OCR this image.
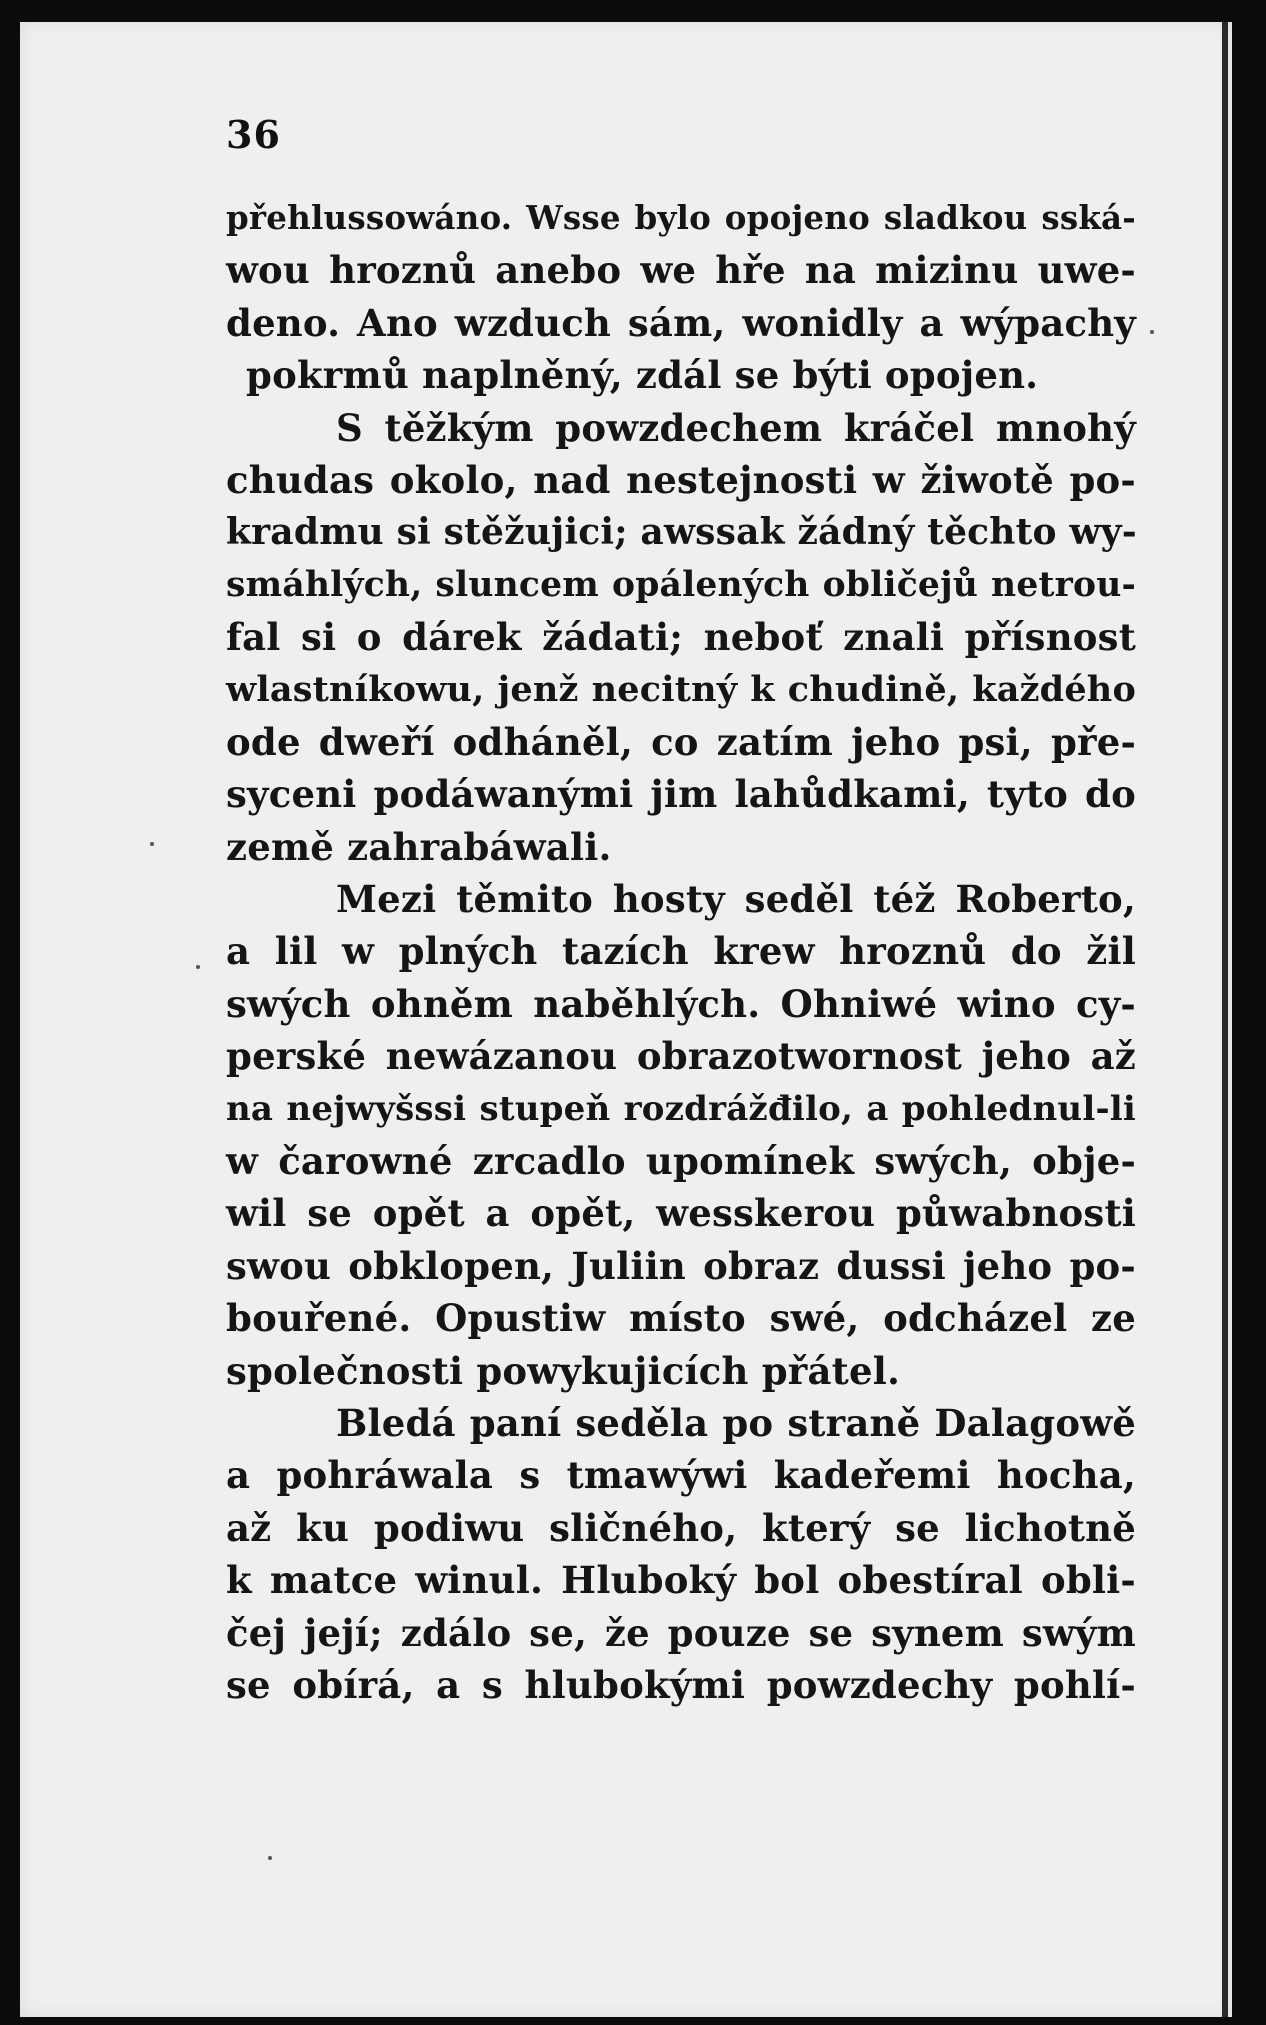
36
přehlussowáno. Wsse bylo opojeno sladkou sská-
wou hroznů anebo we hře na mizinu uwe-
deno. Ano wzduch sám, wonidly a wýpachy
pokrmů naplněný, zdál se býti opojen.
S těžkým powzdechem kráčel mnohý
chudas okolo, nad nestejnosti w žiwotě po-
kradmu si stěžujici; awssak žádný těchto wy-
smáhlých, sluncem opálených obličejů netrou-
fal si o dárek žádati; neboť znali přísnost
wlastníkowu, jenž necitný k chudině, každého
ode dweří odháněl, co zatím jeho psi, pře-
syceni podáwanými jim lahůdkami, tyto do
země zahrabáwali.
Mezi těmito hosty seděl též Roberto,
a lil w plných tazích krew hroznů do žil
swých ohněm naběhlých. Ohniwé wino cy-
perské newázanou obrazotwornost jeho až
na nejwyšssi stupeň rozdrážđilo, a pohlednul-li
w čarowné zrcadlo upomínek swých, obje-
wil se opět a opět, wesskerou půwabnosti
swou obklopen, Juliin obraz dussi jeho po-
bouřené. Opustiw místo swé, odcházel ze
společnosti powykujicích přátel.
Bledá paní seděla po straně Dalagowě
a pohráwala s tmawýwi kadeřemi hocha,
až ku podiwu sličného, který se lichotně
k matce winul. Hluboký bol obestíral obli-
čej její; zdálo se, že pouze se synem swým
se obírá, a s hlubokými powzdechy pohlí-
